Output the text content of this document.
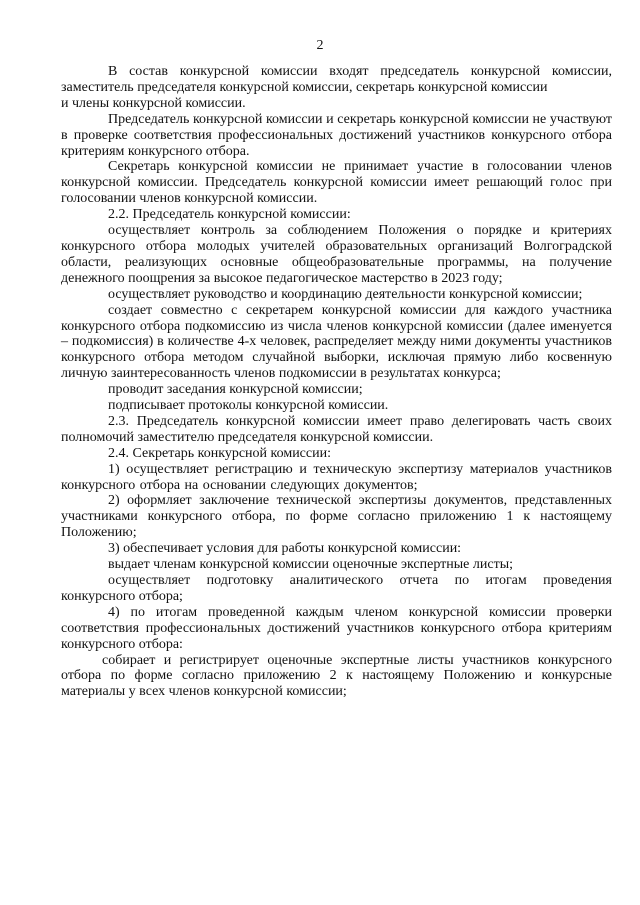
2

В состав конкурсной комиссии входят председатель конкурсной комиссии, заместитель председателя конкурсной комиссии, секретарь конкурсной комиссии

и члены конкурсной комиссии.

Председатель конкурсной комиссии и секретарь конкурсной комиссии не участвуют в проверке соответствия профессиональных достижений участников конкурсного отбора критериям конкурсного отбора.

Секретарь конкурсной комиссии не принимает участие в голосовании членов конкурсной комиссии. Председатель конкурсной комиссии имеет решающий голос при голосовании членов конкурсной комиссии.

2.2. Председатель конкурсной комиссии:

осуществляет контроль за соблюдением Положения о порядке и критериях конкурсного отбора молодых учителей образовательных организаций Волгоградской области, реализующих основные общеобразовательные программы, на получение денежного поощрения за высокое педагогическое мастерство в 2023 году;

осуществляет руководство и координацию деятельности конкурсной комиссии;

создает совместно с секретарем конкурсной комиссии для каждого участника конкурсного отбора подкомиссию из числа членов конкурсной комиссии (далее именуется – подкомиссия) в количестве 4-х человек, распределяет между ними документы участников конкурсного отбора методом случайной выборки, исключая прямую либо косвенную личную заинтересованность членов подкомиссии в результатах конкурса;

проводит заседания конкурсной комиссии;

подписывает протоколы конкурсной комиссии.

2.3. Председатель конкурсной комиссии имеет право делегировать часть своих полномочий заместителю председателя конкурсной комиссии.

2.4. Секретарь конкурсной комиссии:

1) осуществляет регистрацию и техническую экспертизу материалов участников конкурсного отбора на основании следующих документов;

2) оформляет заключение технической экспертизы документов, представленных участниками конкурсного отбора, по форме согласно приложению 1 к настоящему Положению;

3) обеспечивает условия для работы конкурсной комиссии:

выдает членам конкурсной комиссии оценочные экспертные листы;

осуществляет подготовку аналитического отчета по итогам проведения конкурсного отбора;

4) по итогам проведенной каждым членом конкурсной комиссии проверки соответствия профессиональных достижений участников конкурсного отбора критериям конкурсного отбора:

собирает и регистрирует оценочные экспертные листы участников конкурсного отбора по форме согласно приложению 2 к настоящему Положению и конкурсные материалы у всех членов конкурсной комиссии;
